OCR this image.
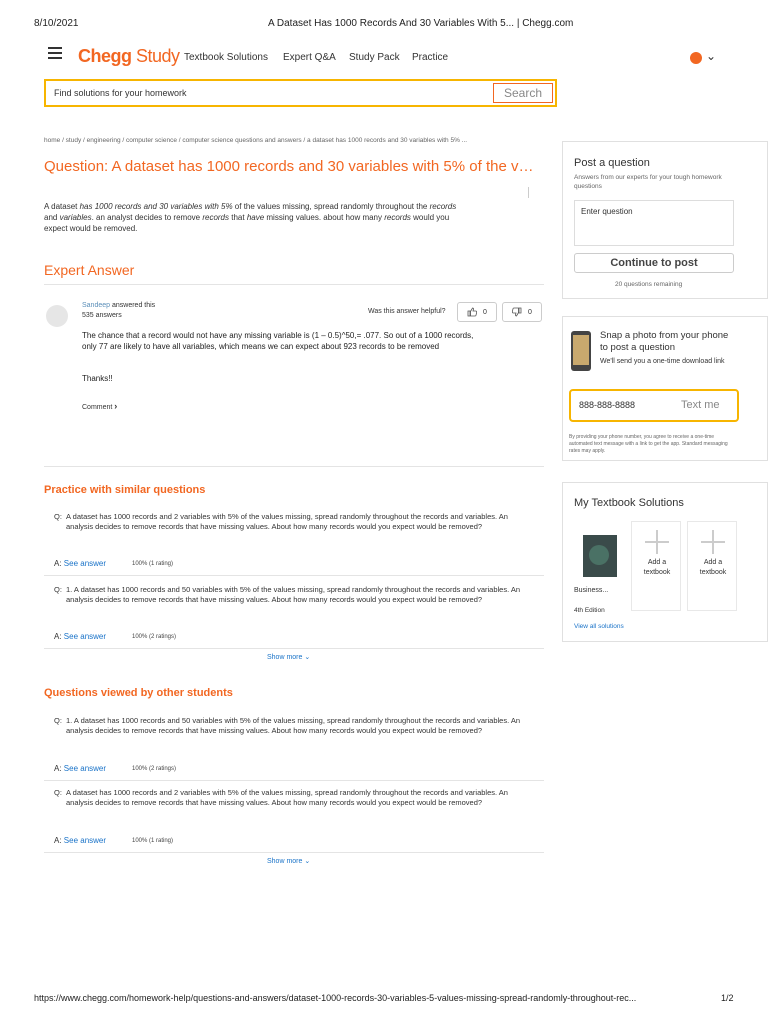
8/10/2021	A Dataset Has 1000 Records And 30 Variables With 5... | Chegg.com
Chegg Study Textbook Solutions Expert Q&A Study Pack Practice	⌄
Find solutions for your homework
Search
home / study / engineering / computer science / computer science questions and answers / a dataset has 1000 records and 30 variables with 5% ...
Question: A dataset has 1000 records and 30 variables with 5% of the v…
A dataset has 1000 records and 30 variables with 5% of the values missing, spread randomly throughout the records and variables. an analyst decides to remove records that have missing values. about how many records would you expect would be removed.
Expert Answer
Sandeep answered this
535 answers
Was this answer helpful?	0	0
The chance that a record would not have any missing variable is (1 – 0.5)^50,= .077. So out of a 1000 records, only 77 are likely to have all variables, which means we can expect about 923 records to be removed
Thanks!!
Comment ›
Practice with similar questions
Q: A dataset has 1000 records and 2 variables with 5% of the values missing, spread randomly throughout the records and variables. An analysis decides to remove records that have missing values. About how many records would you expect would be removed?
A: See answer	100% (1 rating)
Q: 1. A dataset has 1000 records and 50 variables with 5% of the values missing, spread randomly throughout the records and variables. An analysis decides to remove records that have missing values. About how many records would you expect would be removed?
A: See answer	100% (2 ratings)
Show more ⌄
Questions viewed by other students
Q: 1. A dataset has 1000 records and 50 variables with 5% of the values missing, spread randomly throughout the records and variables. An analysis decides to remove records that have missing values. About how many records would you expect would be removed?
A: See answer	100% (2 ratings)
Q: A dataset has 1000 records and 2 variables with 5% of the values missing, spread randomly throughout the records and variables. An analysis decides to remove records that have missing values. About how many records would you expect would be removed?
A: See answer	100% (1 rating)
Show more ⌄
Post a question
Answers from our experts for your tough homework questions
Enter question
Continue to post
20 questions remaining
Snap a photo from your phone to post a question
We'll send you a one-time download link
888-888-8888	Text me
By providing your phone number, you agree to receive a one-time automated text message with a link to get the app. Standard messaging rates may apply.
My Textbook Solutions
Business...
4th Edition
View all solutions
Add a textbook
Add a textbook
https://www.chegg.com/homework-help/questions-and-answers/dataset-1000-records-30-variables-5-values-missing-spread-randomly-throughout-rec...	1/2
